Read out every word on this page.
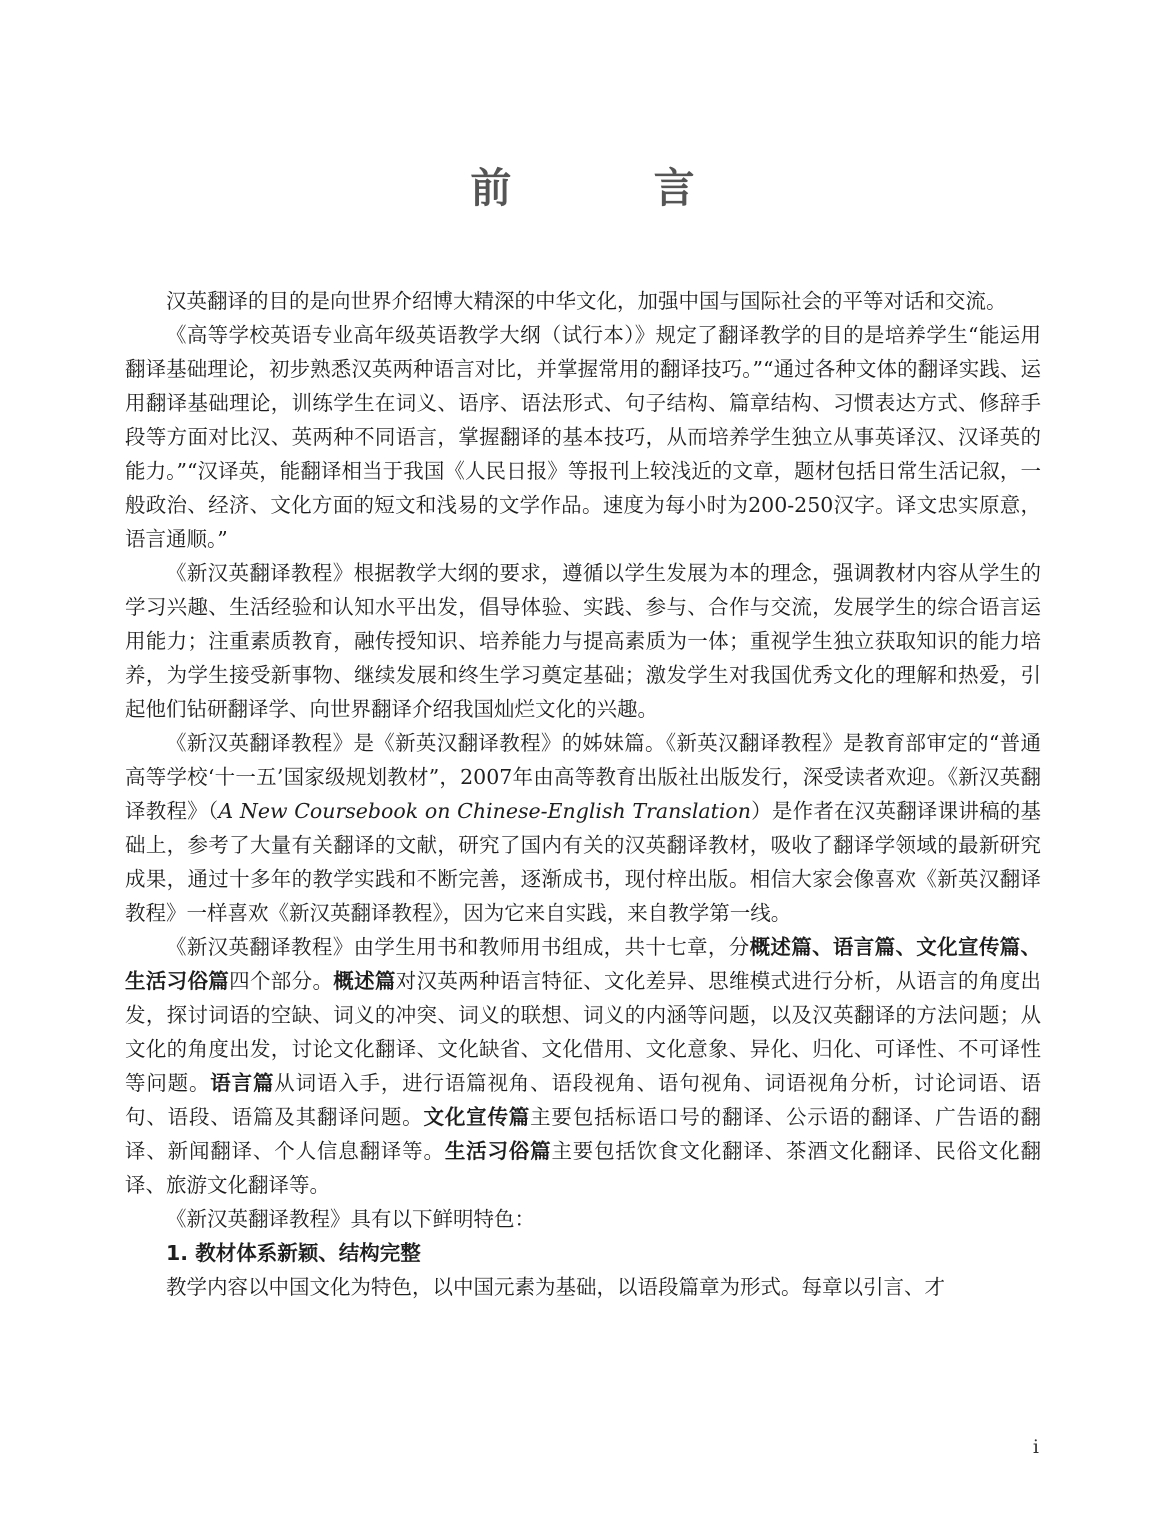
前 言

汉英翻译的目的是向世界介绍博大精深的中华文化，加强中国与国际社会的平等对话和交流。

《高等学校英语专业高年级英语教学大纲（试行本）》规定了翻译教学的目的是培养学生“能运用翻译基础理论，初步熟悉汉英两种语言对比，并掌握常用的翻译技巧。”“通过各种文体的翻译实践、运用翻译基础理论，训练学生在词义、语序、语法形式、句子结构、篇章结构、习惯表达方式、修辞手段等方面对比汉、英两种不同语言，掌握翻译的基本技巧，从而培养学生独立从事英译汉、汉译英的能力。”“汉译英，能翻译相当于我国《人民日报》等报刊上较浅近的文章，题材包括日常生活记叙，一般政治、经济、文化方面的短文和浅易的文学作品。速度为每小时为200-250汉字。译文忠实原意，语言通顺。”

《新汉英翻译教程》根据教学大纲的要求，遵循以学生发展为本的理念，强调教材内容从学生的学习兴趣、生活经验和认知水平出发，倡导体验、实践、参与、合作与交流，发展学生的综合语言运用能力；注重素质教育，融传授知识、培养能力与提高素质为一体；重视学生独立获取知识的能力培养，为学生接受新事物、继续发展和终生学习奠定基础；激发学生对我国优秀文化的理解和热爱，引起他们钻研翻译学、向世界翻译介绍我国灿烂文化的兴趣。

《新汉英翻译教程》是《新英汉翻译教程》的姊妹篇。《新英汉翻译教程》是教育部审定的“普通高等学校‘十一五’国家级规划教材”，2007年由高等教育出版社出版发行，深受读者欢迎。《新汉英翻译教程》（A New Coursebook on Chinese-English Translation）是作者在汉英翻译课讲稿的基础上，参考了大量有关翻译的文献，研究了国内有关的汉英翻译教材，吸收了翻译学领域的最新研究成果，通过十多年的教学实践和不断完善，逐渐成书，现付梓出版。相信大家会像喜欢《新英汉翻译教程》一样喜欢《新汉英翻译教程》，因为它来自实践，来自教学第一线。

《新汉英翻译教程》由学生用书和教师用书组成，共十七章，分概述篇、语言篇、文化宣传篇、生活习俗篇四个部分。概述篇对汉英两种语言特征、文化差异、思维模式进行分析，从语言的角度出发，探讨词语的空缺、词义的冲突、词义的联想、词义的内涵等问题，以及汉英翻译的方法问题；从文化的角度出发，讨论文化翻译、文化缺省、文化借用、文化意象、异化、归化、可译性、不可译性等问题。语言篇从词语入手，进行语篇视角、语段视角、语句视角、词语视角分析，讨论词语、语句、语段、语篇及其翻译问题。文化宣传篇主要包括标语口号的翻译、公示语的翻译、广告语的翻译、新闻翻译、个人信息翻译等。生活习俗篇主要包括饮食文化翻译、茶酒文化翻译、民俗文化翻译、旅游文化翻译等。

《新汉英翻译教程》具有以下鲜明特色：

1. 教材体系新颖、结构完整

教学内容以中国文化为特色，以中国元素为基础，以语段篇章为形式。每章以引言、才

i
